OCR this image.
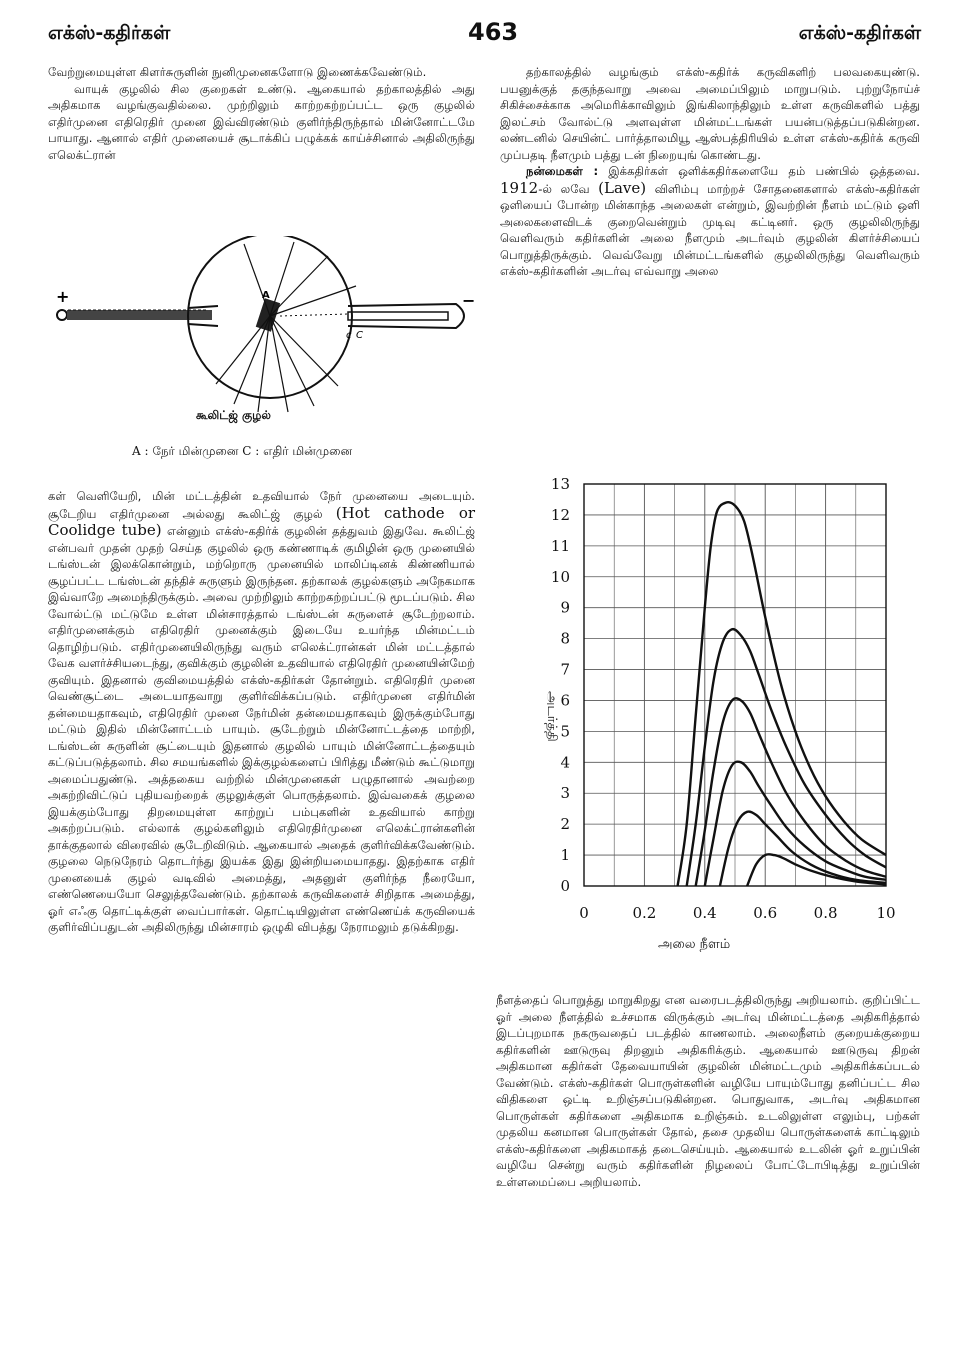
எக்ஸ்-கதிர்கள்	463	எக்ஸ்-கதிர்கள்

வேற்றுமையுள்ள கிளர்சுருளின் நுனிமுனைகளோடு இணைக்கவேண்டும்.

வாயுக் குழலில் சில குறைகள் உண்டு. ஆகையால் தற்காலத்தில் அது அதிகமாக வழங்குவதில்லை. முற்றிலும் காற்றகற்றப்பட்ட ஒரு குழலில் எதிர்முனை எதிரெதிர் முனை இவ்விரண்டும் குளிர்ந்திருந்தால் மின்னோட்டமே பாயாது. ஆனால் எதிர் முனையைச் சூடாக்கிப் பழுக்கக் காய்ச்சினால் அதிலிருந்து எலெக்ட்ரான்

+	−
A
c C
கூலிட்ஜ் குழல்
A : நேர் மின்முனை C : எதிர் மின்முனை

கள் வெளியேறி, மின் மட்டத்தின் உதவியால் நேர் முனையை அடையும். சூடேறிய எதிர்முனை அல்லது கூலிட்ஜ் குழல் (Hot cathode or Coolidge tube) என்னும் எக்ஸ்-கதிர்க் குழலின் தத்துவம் இதுவே. கூலிட்ஜ் என்பவர் முதன் முதற் செய்த குழலில் ஒரு கண்ணாடிக் குமிழின் ஒரு முனையில் டங்ஸ்டன் இலக்கொன்றும், மற்றொரு முனையில் மாலிப்டினக் கிண்ணியால் சூழப்பட்ட டங்ஸ்டன் தந்திச் சுருளும் இருந்தன. தற்காலக் குழல்களும் அநேகமாக இவ்வாறே அமைந்திருக்கும். அவை முற்றிலும் காற்றகற்றப்பட்டு மூடப்படும். சில வோல்ட்டு மட்டுமே உள்ள மின்சாரத்தால் டங்ஸ்டன் சுருளைச் சூடேற்றலாம். எதிர்முனைக்கும் எதிரெதிர் முனைக்கும் இடையே உயர்ந்த மின்மட்டம் தொழிற்படும். எதிர்முனையிலிருந்து வரும் எலெக்ட்ரான்கள் மின் மட்டத்தால் வேக வளர்ச்சியடைந்து, குவிக்கும் குழலின் உதவியால் எதிரெதிர் முனையின்மேற் குவியும். இதனால் குவிமையத்தில் எக்ஸ்-கதிர்கள் தோன்றும். எதிரெதிர் முனை வெண்சூட்டை அடையாதவாறு குளிர்விக்கப்படும். எதிர்முனை எதிர்மின் தன்மையதாகவும், எதிரெதிர் முனை நேர்மின் தன்மையதாகவும் இருக்கும்போது மட்டும் இதில் மின்னோட்டம் பாயும். சூடேற்றும் மின்னோட்டத்தை மாற்றி, டங்ஸ்டன் சுருளின் சூட்டையும் இதனால் குழலில் பாயும் மின்னோட்டத்தையும் கட்டுப்படுத்தலாம். சில சமயங்களில் இக்குழல்களைப் பிரித்து மீண்டும் கூட்டுமாறு அமைப்பதுண்டு. அத்தகைய வற்றில் மின்முனைகள் பழுதானால் அவற்றை அகற்றிவிட்டுப் புதியவற்றைக் குழலுக்குள் பொருத்தலாம். இவ்வகைக் குழலை இயக்கும்போது திறமையுள்ள காற்றுப் பம்புகளின் உதவியால் காற்று அகற்றப்படும். எல்லாக் குழல்களிலும் எதிரெதிர்முனை எலெக்ட்ரான்களின் தாக்குதலால் விரைவில் சூடேறிவிடும். ஆகையால் அதைக் குளிர்விக்கவேண்டும். குழலை நெடுநேரம் தொடர்ந்து இயக்க இது இன்றியமையாதது. இதற்காக எதிர் முனையைக் குழல் வடிவில் அமைத்து, அதனுள் குளிர்ந்த நீரையோ, எண்ணெயையோ செலுத்தவேண்டும். தற்காலக் கருவிகளைச் சிறிதாக அமைத்து, ஓர் எஃகு தொட்டிக்குள் வைப்பார்கள். தொட்டியிலுள்ள எண்ணெய்க் கருவியைக் குளிர்விப்பதுடன் அதிலிருந்து மின்சாரம் ஒழுகி விபத்து நேராமலும் தடுக்கிறது.

தற்காலத்தில் வழங்கும் எக்ஸ்-கதிர்க் கருவிகளிற் பலவகையுண்டு. பயனுக்குத் தகுந்தவாறு அவை அமைப்பிலும் மாறுபடும். புற்றுநோய்ச் சிகிச்சைக்காக அமெரிக்காவிலும் இங்கிலாந்திலும் உள்ள கருவிகளில் பத்து இலட்சம் வோல்ட்டு அளவுள்ள மின்மட்டங்கள் பயன்படுத்தப்படுகின்றன. லண்டனில் செயின்ட் பார்த்தாலமியூ ஆஸ்பத்திரியில் உள்ள எக்ஸ்-கதிர்க் கருவி முப்பதடி நீளமும் பத்து டன் நிறையுங் கொண்டது.

நன்மைகள் : இக்கதிர்கள் ஒளிக்கதிர்களையே தம் பண்பில் ஒத்தவை. 1912-ல் லவே (Lave) விளிம்பு மாற்றச் சோதனைகளால் எக்ஸ்-கதிர்கள் ஒளியைப் போன்ற மின்காந்த அலைகள் என்றும், இவற்றின் நீளம் மட்டும் ஒளி அலைகளைவிடக் குறைவென்றும் முடிவு கட்டினர். ஒரு குழலிலிருந்து வெளிவரும் கதிர்களின் அலை நீளமும் அடர்வும் குழலின் கிளர்ச்சியைப் பொறுத்திருக்கும். வெவ்வேறு மின்மட்டங்களில் குழலிலிருந்து வெளிவரும் எக்ஸ்-கதிர்களின் அடர்வு எவ்வாறு அலை

0
1
2
3
4
5
6
7
8
9
10
11
12
13
0	0.2 0.4 0.6 0.8	10
அடர்த்தி
அலை நீளம்

நீளத்தைப் பொறுத்து மாறுகிறது என வரைபடத்திலிருந்து அறியலாம். குறிப்பிட்ட ஓர் அலை நீளத்தில் உச்சமாக விருக்கும் அடர்வு மின்மட்டத்தை அதிகரித்தால் இடப்புறமாக நகருவதைப் படத்தில் காணலாம். அலைநீளம் குறையக்குறைய கதிர்களின் ஊடுருவு திறனும் அதிகரிக்கும். ஆகையால் ஊடுருவு திறன் அதிகமான கதிர்கள் தேவையாயின் குழலின் மின்மட்டமும் அதிகரிக்கப்படல் வேண்டும். எக்ஸ்-கதிர்கள் பொருள்களின் வழியே பாயும்போது தனிப்பட்ட சில விதிகளை ஒட்டி உறிஞ்சப்படுகின்றன. பொதுவாக, அடர்வு அதிகமான பொருள்கள் கதிர்களை அதிகமாக உறிஞ்சும். உடலிலுள்ள எலும்பு, பற்கள் முதலிய கனமான பொருள்கள் தோல், தசை முதலிய பொருள்களைக் காட்டிலும் எக்ஸ்-கதிர்களை அதிகமாகத் தடைசெய்யும். ஆகையால் உடலின் ஓர் உறுப்பின் வழியே சென்று வரும் கதிர்களின் நிழலைப் போட்டோபிடித்து உறுப்பின் உள்ளமைப்பை அறியலாம்.
